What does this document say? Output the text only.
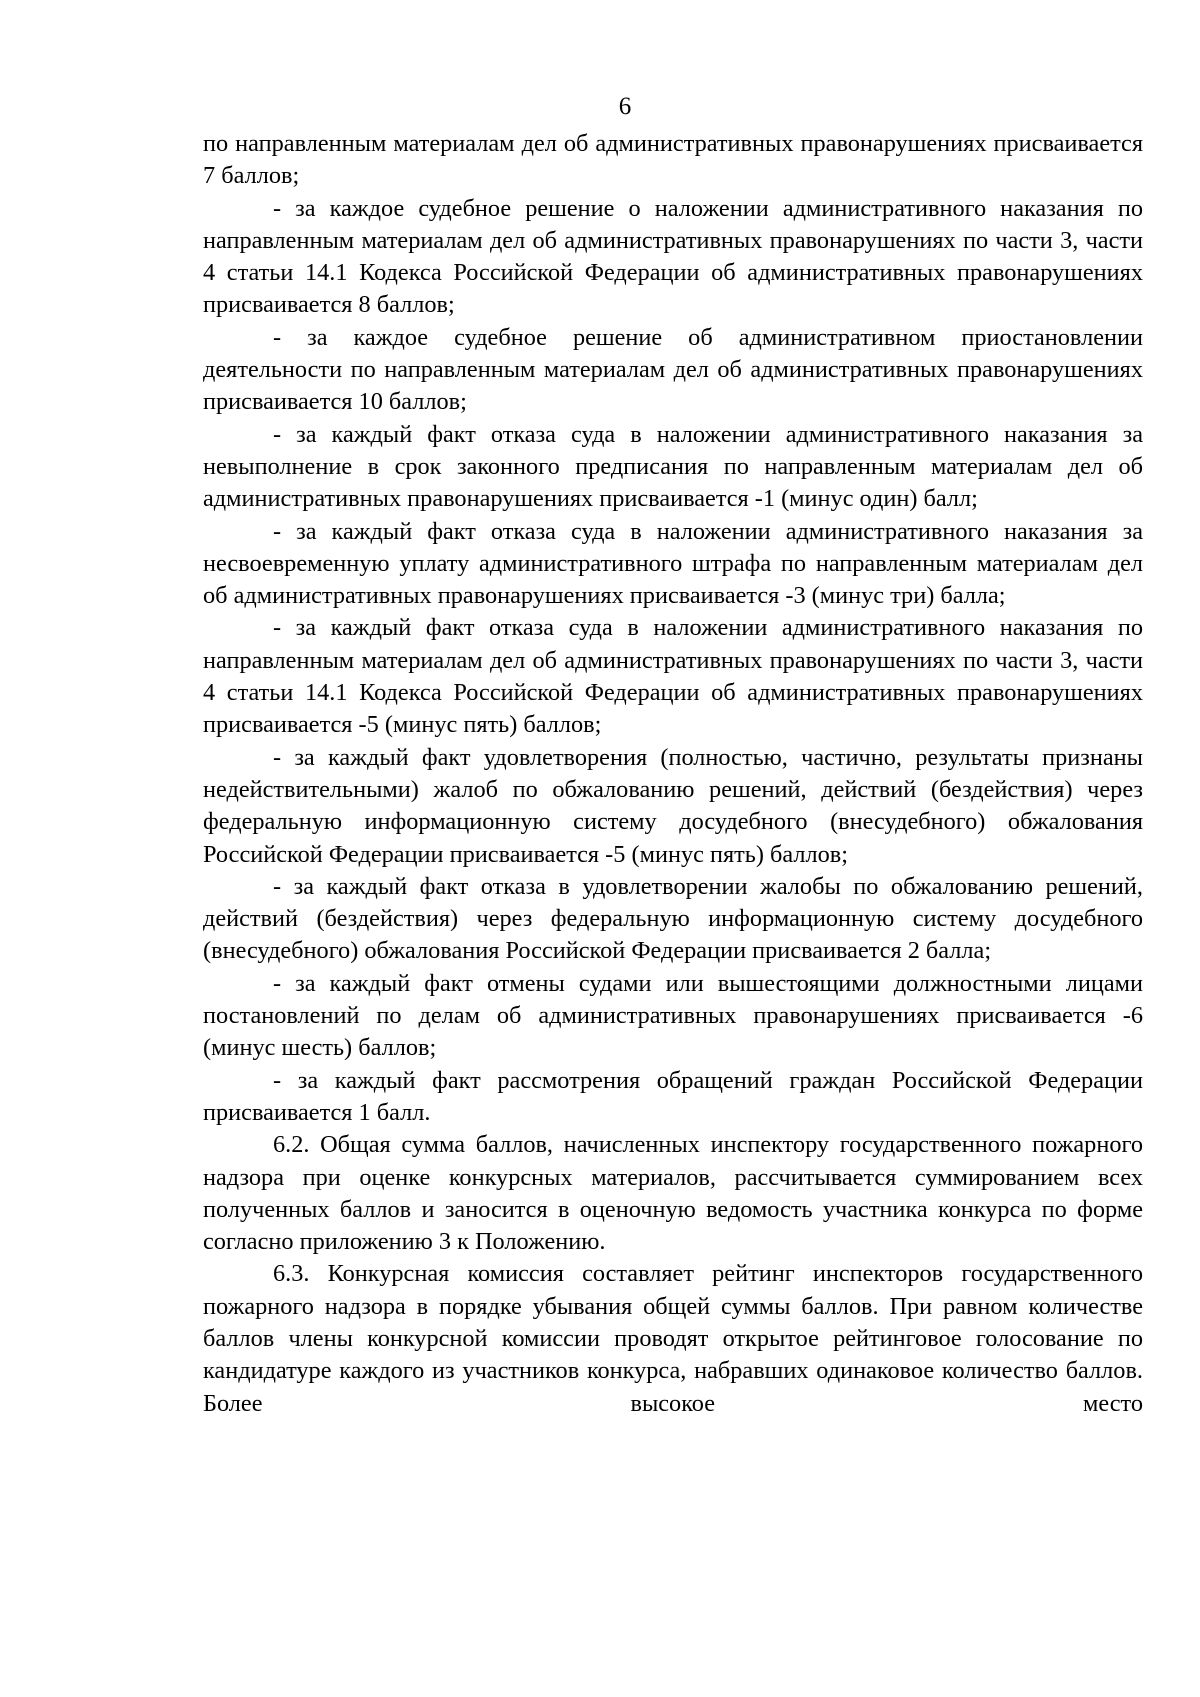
6

по направленным материалам дел об административных правонарушениях присваивается 7 баллов;

- за каждое судебное решение о наложении административного наказания по направленным материалам дел об административных правонарушениях по части 3, части 4 статьи 14.1 Кодекса Российской Федерации об административных правонарушениях присваивается 8 баллов;

- за каждое судебное решение об административном приостановлении деятельности по направленным материалам дел об административных правонарушениях присваивается 10 баллов;

- за каждый факт отказа суда в наложении административного наказания за невыполнение в срок законного предписания по направленным материалам дел об административных правонарушениях присваивается -1 (минус один) балл;

- за каждый факт отказа суда в наложении административного наказания за несвоевременную уплату административного штрафа по направленным материалам дел об административных правонарушениях присваивается -3 (минус три) балла;

- за каждый факт отказа суда в наложении административного наказания по направленным материалам дел об административных правонарушениях по части 3, части 4 статьи 14.1 Кодекса Российской Федерации об административных правонарушениях присваивается -5 (минус пять) баллов;

- за каждый факт удовлетворения (полностью, частично, результаты признаны недействительными) жалоб по обжалованию решений, действий (бездействия) через федеральную информационную систему досудебного (внесудебного) обжалования Российской Федерации присваивается -5 (минус пять) баллов;

- за каждый факт отказа в удовлетворении жалобы по обжалованию решений, действий (бездействия) через федеральную информационную систему досудебного (внесудебного) обжалования Российской Федерации присваивается 2 балла;

- за каждый факт отмены судами или вышестоящими должностными лицами постановлений по делам об административных правонарушениях присваивается -6 (минус шесть) баллов;

- за каждый факт рассмотрения обращений граждан Российской Федерации присваивается 1 балл.

6.2. Общая сумма баллов, начисленных инспектору государственного пожарного надзора при оценке конкурсных материалов, рассчитывается суммированием всех полученных баллов и заносится в оценочную ведомость участника конкурса по форме согласно приложению 3 к Положению.

6.3. Конкурсная комиссия составляет рейтинг инспекторов государственного пожарного надзора в порядке убывания общей суммы баллов. При равном количестве баллов члены конкурсной комиссии проводят открытое рейтинговое голосование по кандидатуре каждого из участников конкурса, набравших одинаковое количество баллов. Более высокое место
